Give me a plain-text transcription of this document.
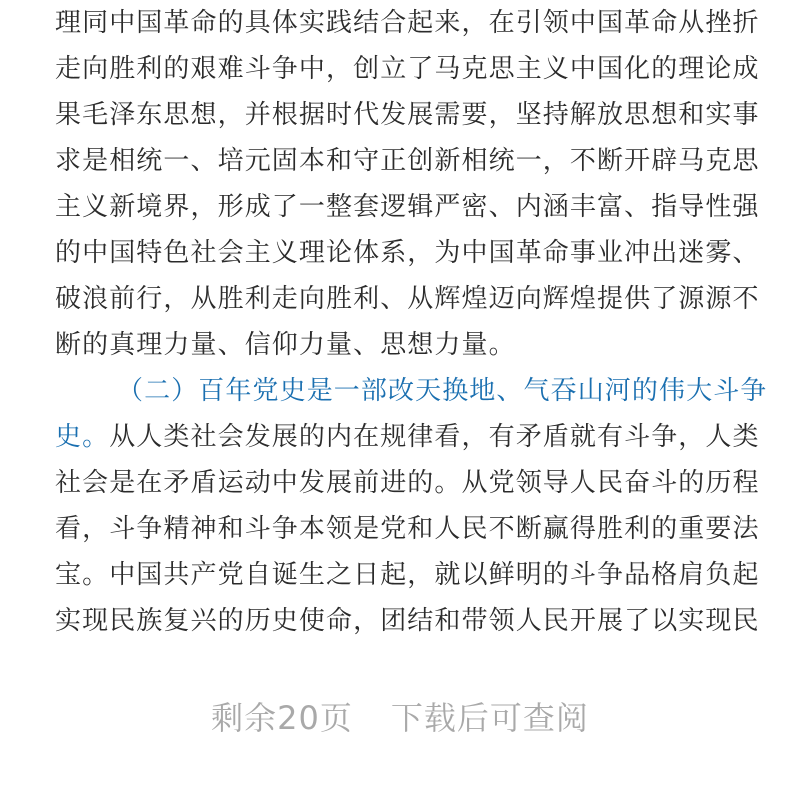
理同中国革命的具体实践结合起来，在引领中国革命从挫折
走向胜利的艰难斗争中，创立了马克思主义中国化的理论成
果毛泽东思想，并根据时代发展需要，坚持解放思想和实事
求是相统一、培元固本和守正创新相统一，不断开辟马克思
主义新境界，形成了一整套逻辑严密、内涵丰富、指导性强
的中国特色社会主义理论体系，为中国革命事业冲出迷雾、
破浪前行，从胜利走向胜利、从辉煌迈向辉煌提供了源源不
断的真理力量、信仰力量、思想力量。
（二）百年党史是一部改天换地、气吞山河的伟大斗争
史。从人类社会发展的内在规律看，有矛盾就有斗争，人类
社会是在矛盾运动中发展前进的。从党领导人民奋斗的历程
看，斗争精神和斗争本领是党和人民不断赢得胜利的重要法
宝。中国共产党自诞生之日起，就以鲜明的斗争品格肩负起
实现民族复兴的历史使命，团结和带领人民开展了以实现民
剩余20页 下载后可查阅
